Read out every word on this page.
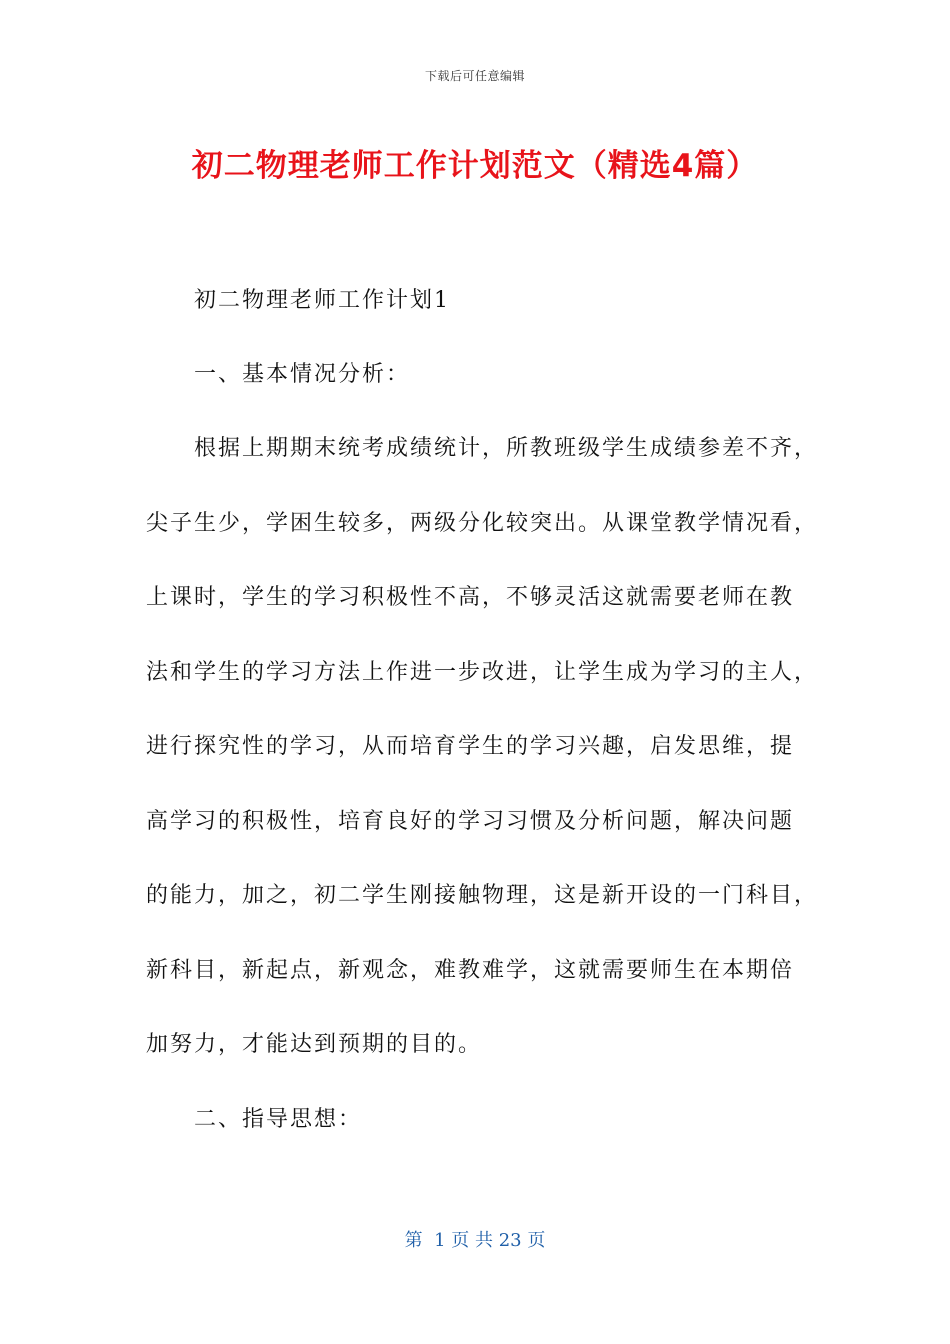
下载后可任意编辑
初二物理老师工作计划范文（精选4篇）
初二物理老师工作计划1
一、基本情况分析：
根据上期期末统考成绩统计，所教班级学生成绩参差不齐，
尖子生少，学困生较多，两级分化较突出。从课堂教学情况看，
上课时，学生的学习积极性不高，不够灵活这就需要老师在教
法和学生的学习方法上作进一步改进，让学生成为学习的主人，
进行探究性的学习，从而培育学生的学习兴趣，启发思维，提
高学习的积极性，培育良好的学习习惯及分析问题，解决问题
的能力，加之，初二学生刚接触物理，这是新开设的一门科目，
新科目，新起点，新观念，难教难学，这就需要师生在本期倍
加努力，才能达到预期的目的。
二、指导思想：
第  1 页 共 23 页
